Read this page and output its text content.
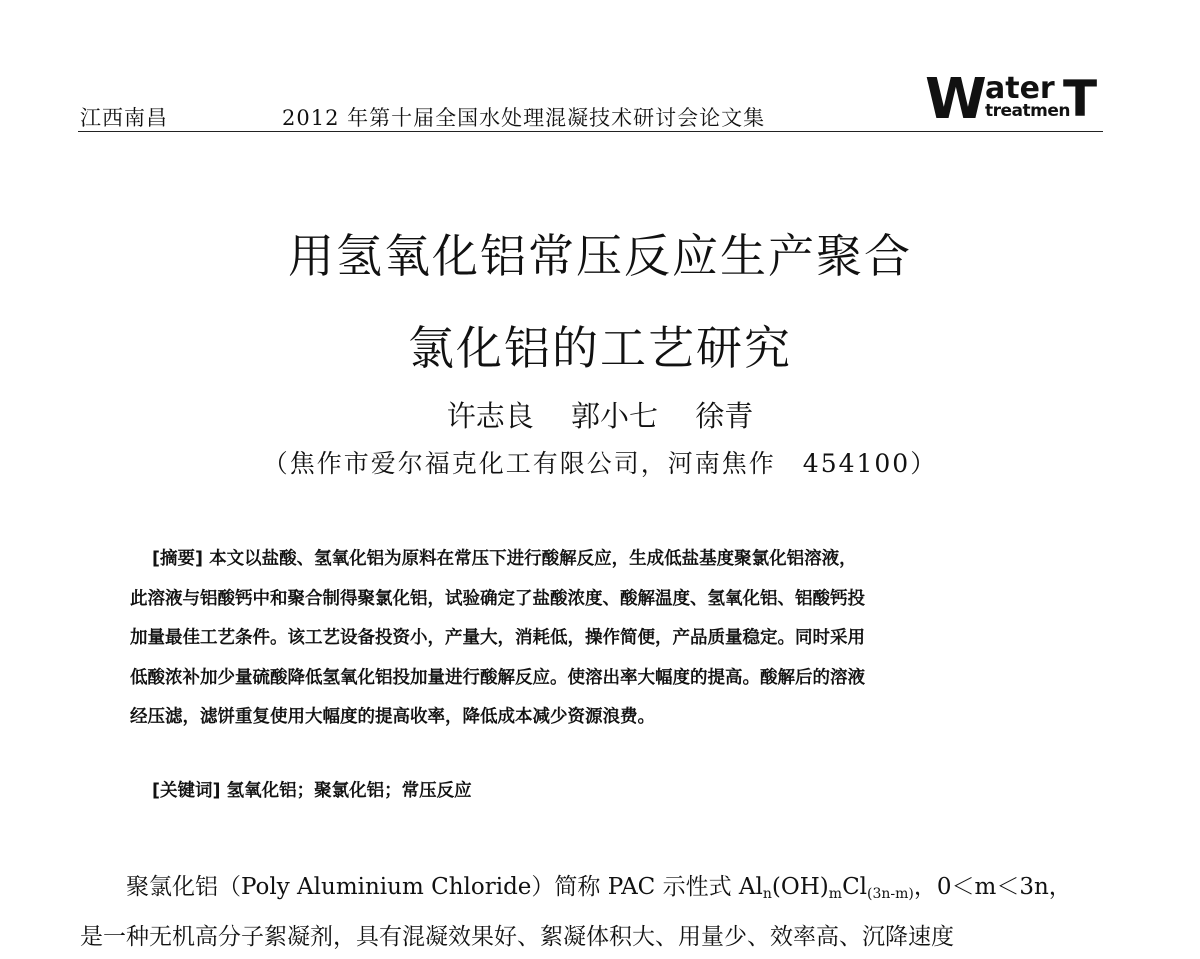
江西南昌	2012 年第十届全国水处理混凝技术研讨会论文集	W ater
treatmen
T
用氢氧化铝常压反应生产聚合
氯化铝的工艺研究
许志良 郭小七 徐青
（焦作市爱尔福克化工有限公司，河南焦作　454100）
[摘要] 本文以盐酸、氢氧化铝为原料在常压下进行酸解反应，生成低盐基度聚氯化铝溶液，
此溶液与铝酸钙中和聚合制得聚氯化铝，试验确定了盐酸浓度、酸解温度、氢氧化铝、铝酸钙投
加量最佳工艺条件。该工艺设备投资小，产量大，消耗低，操作简便，产品质量稳定。同时采用
低酸浓补加少量硫酸降低氢氧化铝投加量进行酸解反应。使溶出率大幅度的提高。酸解后的溶液
经压滤，滤饼重复使用大幅度的提高收率，降低成本减少资源浪费。
[关键词] 氢氧化铝；聚氯化铝；常压反应
聚氯化铝（Poly Aluminium Chloride）简称 PAC 示性式 $Al_n(OH)_mCl_{(3n-m)}$，0＜m＜3n，
是一种无机高分子絮凝剂，具有混凝效果好、絮凝体积大、用量少、效率高、沉降速度
